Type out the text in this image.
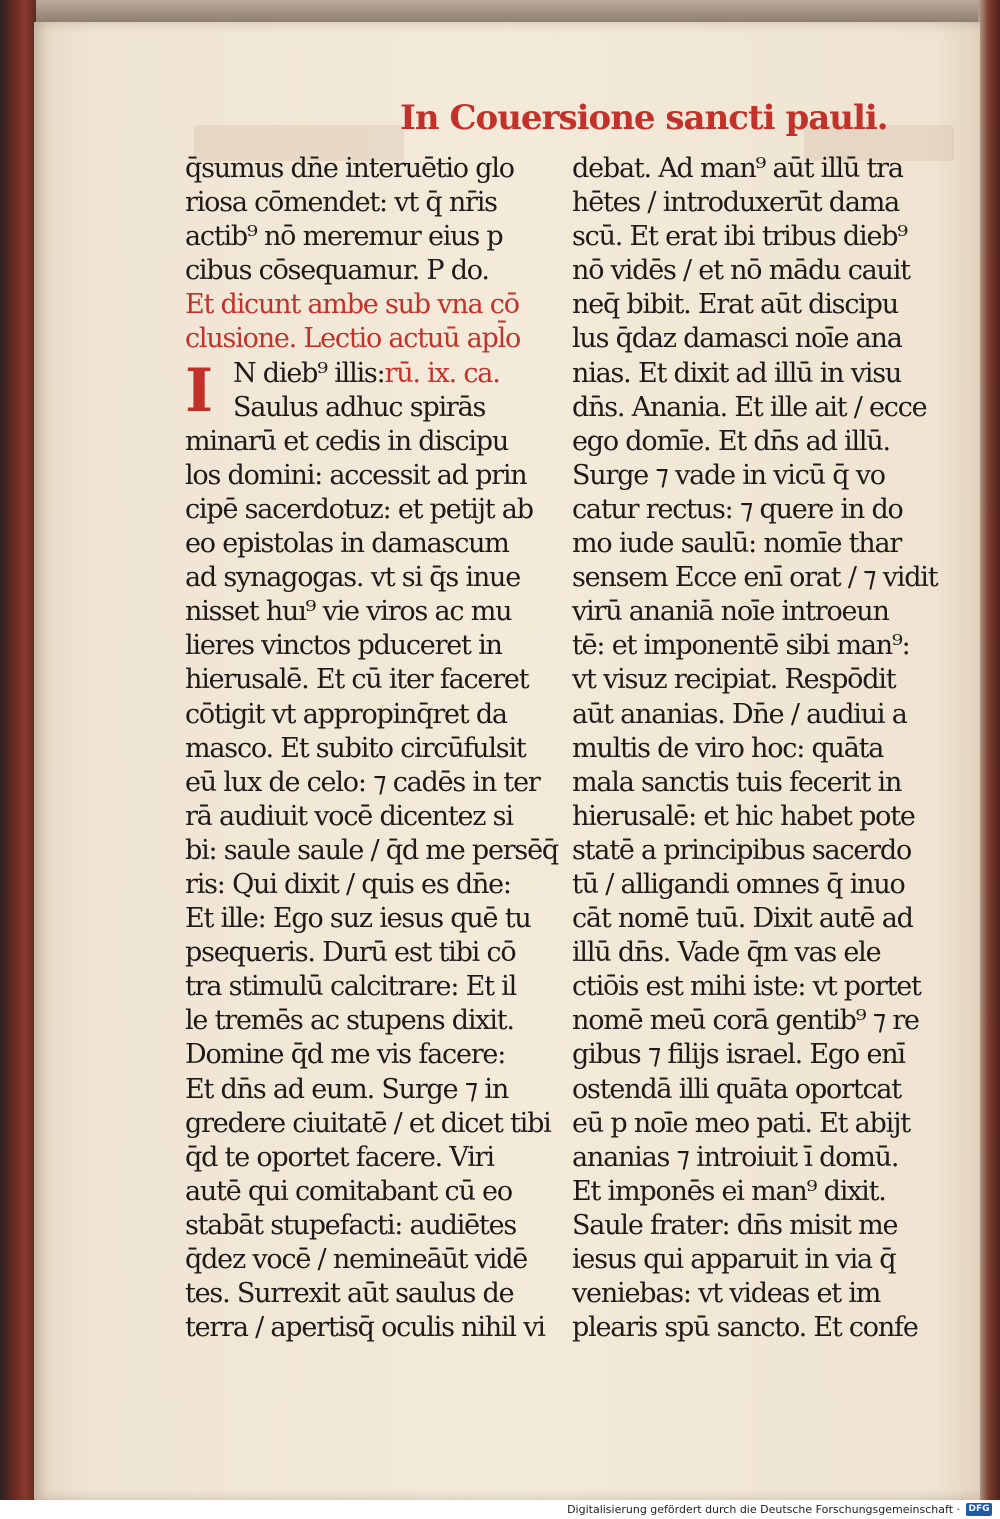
In Couersione sancti pauli.
q̄sumus dn̄e interuētio glo
riosa cōmendet: vt q̄ nr̄is
actib⁹ nō meremur eius p
cibus cōsequamur. P do.
Et dicunt ambe sub vna cō
clusione. Lectio actuū apl̄o
I N dieb⁹ illis:rū. ix. ca.
Saulus adhuc spirās
minarū et cedis in discipu
los domini: accessit ad prin
cipē sacerdotuz: et petijt ab
eo epistolas in damascum
ad synagogas. vt si q̄s inue
nisset huı⁹ vie viros ac mu
lieres vinctos pduceret in
hierusalē. Et cū iter faceret
cōtigit vt appropinq̄ret da
masco. Et subito circūfulsit
eū lux de celo: ⁊ cadēs in ter
rā audiuit vocē dicentez si
bi: saule saule / q̄d me persēq̄
ris: Qui dixit / quis es dn̄e:
Et ille: Ego suz iesus quē tu
psequeris. Durū est tibi cō
tra stimulū calcitrare: Et il
le tremēs ac stupens dixit.
Domine q̄d me vis facere:
Et dn̄s ad eum. Surge ⁊ in
gredere ciuitatē / et dicet tibi
q̄d te oportet facere. Viri
autē qui comitabant cū eo
stabāt stupefacti: audiētes
q̄dez vocē / nemineāūt vidē
tes. Surrexit aūt saulus de
terra / apertisq̄ oculis nihil vi
debat. Ad man⁹ aūt illū tra
hētes / introduxerūt dama
scū. Et erat ibi tribus dieb⁹
nō vidēs / et nō mādu cauit
neq̄ bibit. Erat aūt discipu
lus q̄daz damasci noīe ana
nias. Et dixit ad illū in visu
dn̄s. Anania. Et ille ait / ecce
ego domīe. Et dn̄s ad illū.
Surge ⁊ vade in vicū q̄ vo
catur rectus: ⁊ quere in do
mo iude saulū: nomīe thar
sensem Ecce enī orat / ⁊ vidit
virū ananiā noīe introeun
tē: et imponentē sibi man⁹:
vt visuz recipiat. Respōdit
aūt ananias. Dn̄e / audiui a
multis de viro hoc: quāta
mala sanctis tuis fecerit in
hierusalē: et hic habet pote
statē a principibus sacerdo
tū / alligandi omnes q̄ inuo
cāt nomē tuū. Dixit autē ad
illū dn̄s. Vade q̄m vas ele
ctiōis est mihi iste: vt portet
nomē meū corā gentib⁹ ⁊ re
gibus ⁊ filijs israel. Ego enī
ostendā illi quāta oportcat
eū p noīe meo pati. Et abijt
ananias ⁊ introiuit ī domū.
Et imponēs ei man⁹ dixit.
Saule frater: dn̄s misit me
iesus qui apparuit in via q̄
veniebas: vt videas et im
plearis spū sancto. Et confe
Digitalisierung gefördert durch die Deutsche Forschungsgemeinschaft · DFG
